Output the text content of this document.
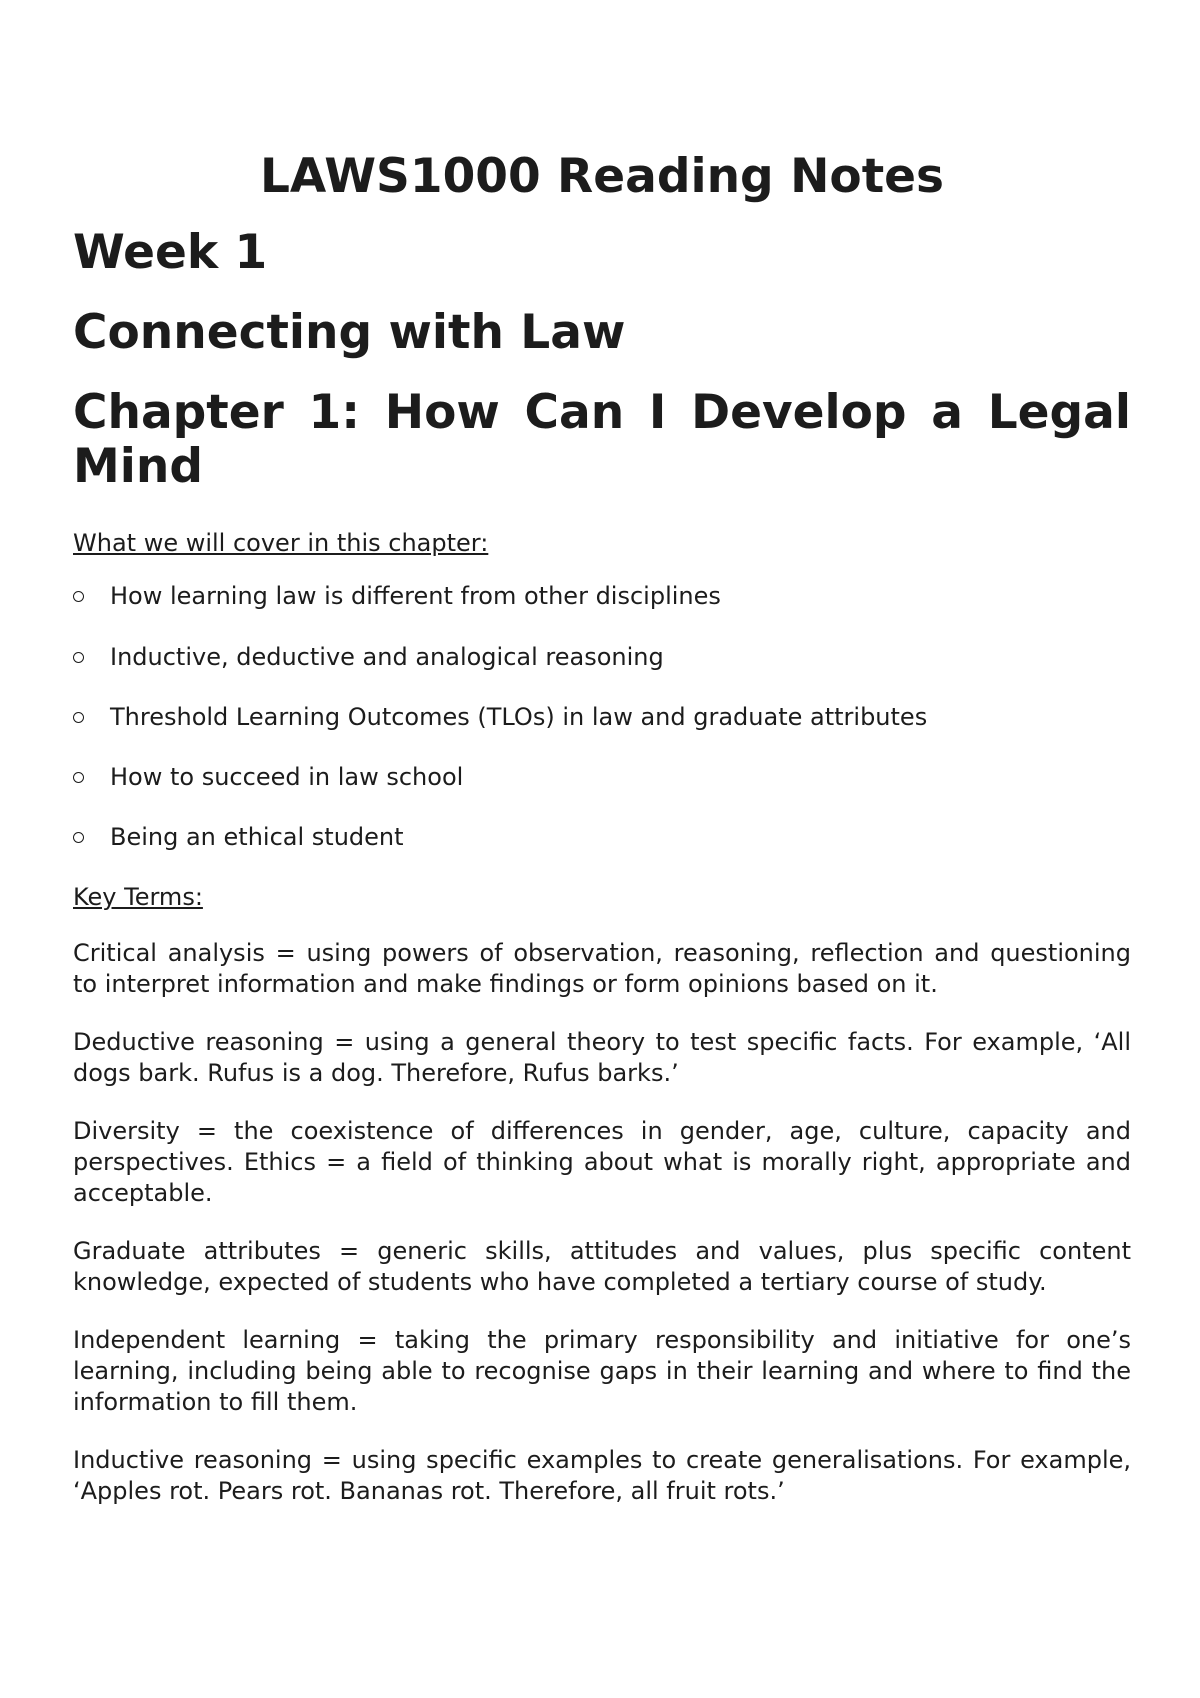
LAWS1000 Reading Notes
Week 1
Connecting with Law
Chapter 1: How Can I Develop a Legal Mind
What we will cover in this chapter:
How learning law is different from other disciplines
Inductive, deductive and analogical reasoning
Threshold Learning Outcomes (TLOs) in law and graduate attributes
How to succeed in law school
Being an ethical student
Key Terms:

Critical analysis = using powers of observation, reasoning, reflection and questioning to interpret information and make findings or form opinions based on it.

Deductive reasoning = using a general theory to test specific facts. For example, ‘All dogs bark. Rufus is a dog. Therefore, Rufus barks.’

Diversity = the coexistence of differences in gender, age, culture, capacity and perspectives. Ethics = a field of thinking about what is morally right, appropriate and acceptable.

Graduate attributes = generic skills, attitudes and values, plus specific content knowledge, expected of students who have completed a tertiary course of study.

Independent learning = taking the primary responsibility and initiative for one’s learning, including being able to recognise gaps in their learning and where to find the information to fill them.

Inductive reasoning = using specific examples to create generalisations. For example, ‘Apples rot. Pears rot. Bananas rot. Therefore, all fruit rots.’
